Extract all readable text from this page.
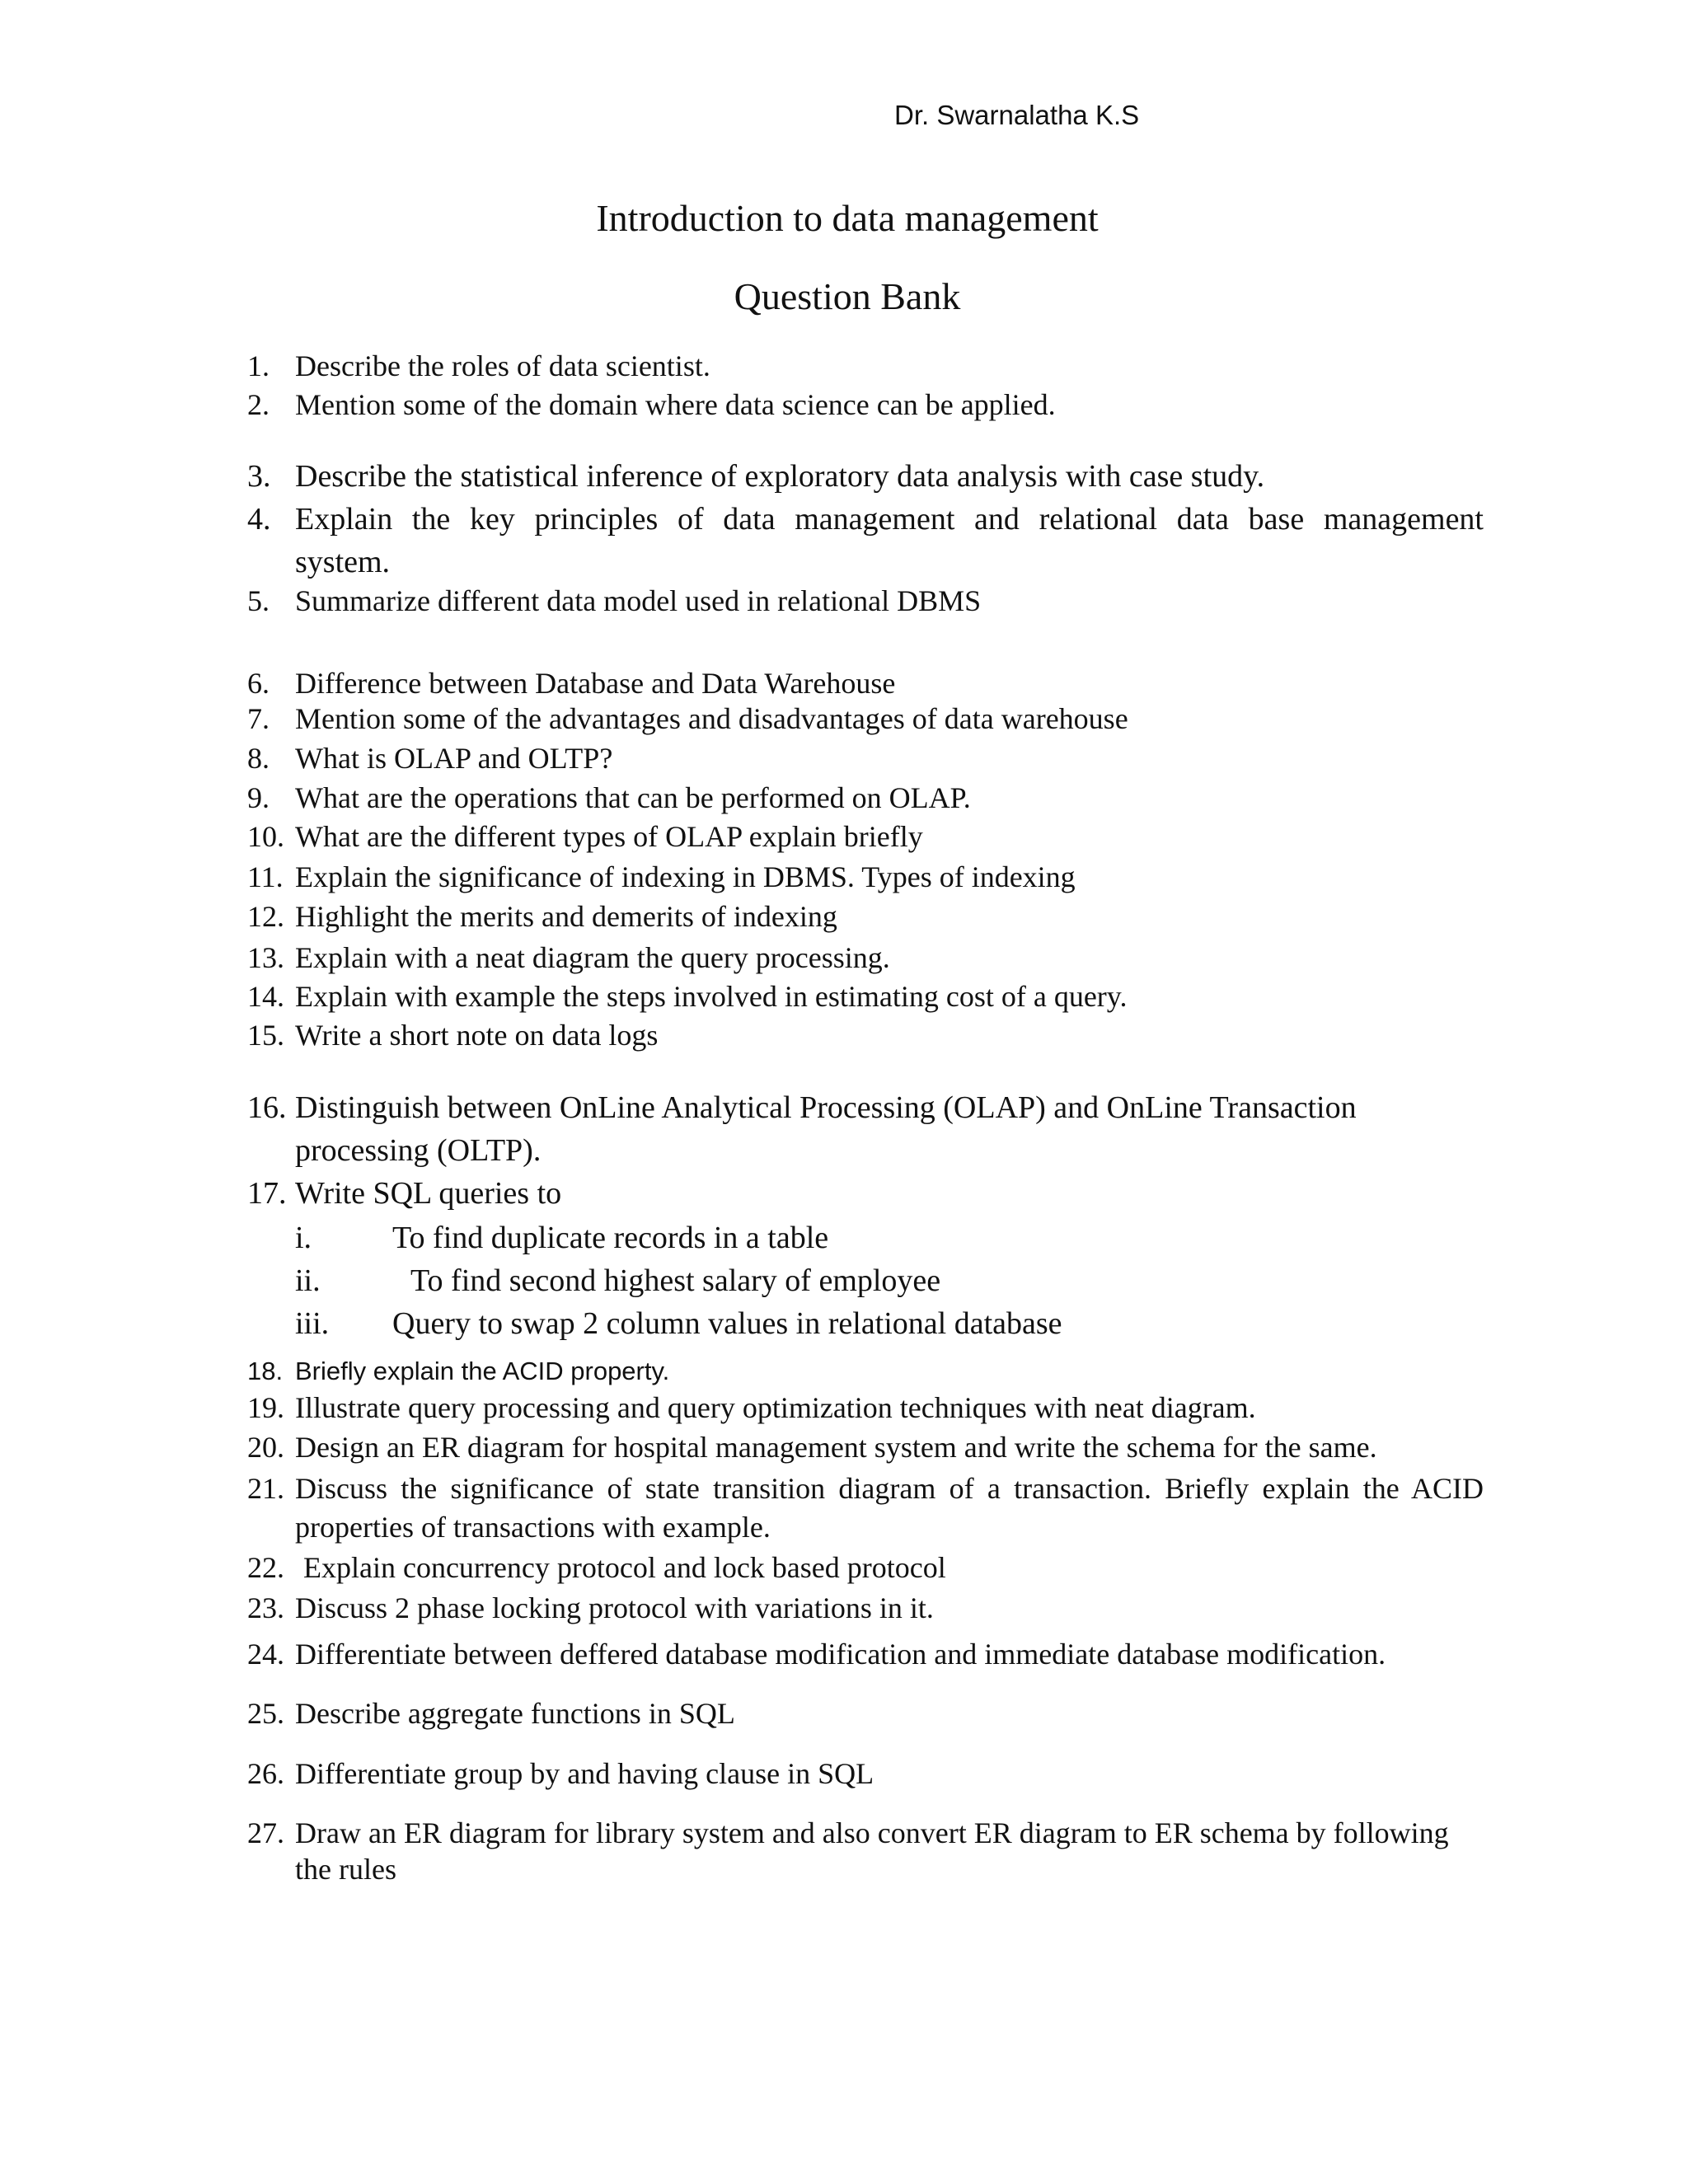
Dr. Swarnalatha K.S
Introduction to data management
Question Bank
1. Describe the roles of data scientist.
2. Mention some of the domain where data science can be applied.
3. Describe the statistical inference of exploratory data analysis with case study.
4. Explain the key principles of data management and relational data base management
system.
5. Summarize different data model used in relational DBMS
6. Difference between Database and Data Warehouse
7. Mention some of the advantages and disadvantages of data warehouse
8. What is OLAP and OLTP?
9. What are the operations that can be performed on OLAP.
10. What are the different types of OLAP explain briefly
11. Explain the significance of indexing in DBMS. Types of indexing
12. Highlight the merits and demerits of indexing
13. Explain with a neat diagram the query processing.
14. Explain with example the steps involved in estimating cost of a query.
15. Write a short note on data logs
16. Distinguish between OnLine Analytical Processing (OLAP) and OnLine Transaction
processing (OLTP).
17. Write SQL queries to
i.	To find duplicate records in a table
ii.	To find second highest salary of employee
iii. Query to swap 2 column values in relational database
18. Briefly explain the ACID property.
19. Illustrate query processing and query optimization techniques with neat diagram.
20. Design an ER diagram for hospital management system and write the schema for the same.
21. Discuss the significance of state transition diagram of a transaction. Briefly explain the ACID
properties of transactions with example.
22. Explain concurrency protocol and lock based protocol
23. Discuss 2 phase locking protocol with variations in it.
24. Differentiate between deffered database modification and immediate database modification.
25. Describe aggregate functions in SQL
26. Differentiate group by and having clause in SQL
27. Draw an ER diagram for library system and also convert ER diagram to ER schema by following
the rules
